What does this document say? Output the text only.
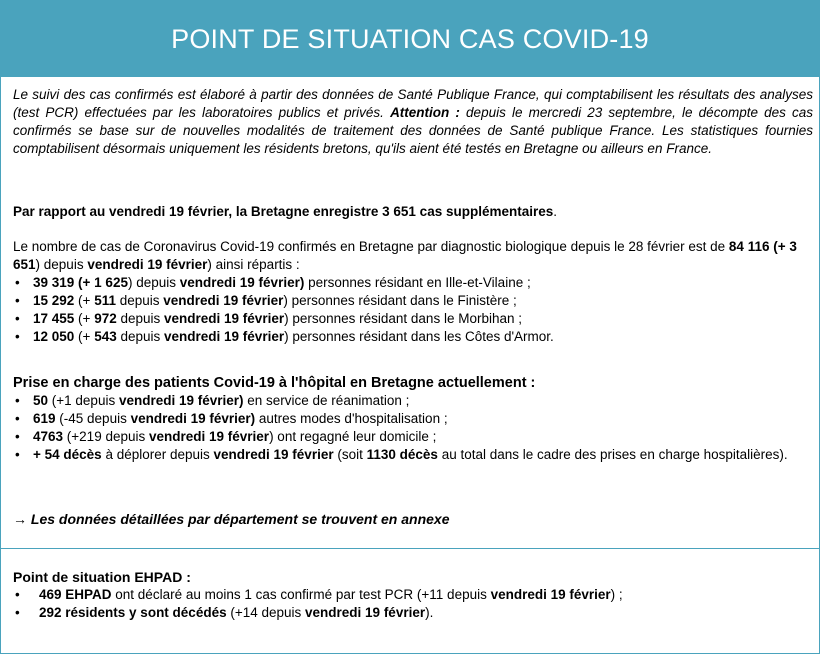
POINT DE SITUATION CAS COVID-19
Le suivi des cas confirmés est élaboré à partir des données de Santé Publique France, qui comptabilisent les résultats des analyses (test PCR) effectuées par les laboratoires publics et privés. Attention : depuis le mercredi 23 septembre, le décompte des cas confirmés se base sur de nouvelles modalités de traitement des données de Santé publique France. Les statistiques fournies comptabilisent désormais uniquement les résidents bretons, qu'ils aient été testés en Bretagne ou ailleurs en France.

Par rapport au vendredi 19 février, la Bretagne enregistre 3 651 cas supplémentaires.

Le nombre de cas de Coronavirus Covid-19 confirmés en Bretagne par diagnostic biologique depuis le 28 février est de 84 116 (+ 3 651) depuis vendredi 19 février) ainsi répartis :

• 39 319 (+ 1 625) depuis vendredi 19 février) personnes résidant en Ille-et-Vilaine ;
• 15 292 (+ 511 depuis vendredi 19 février) personnes résidant dans le Finistère ;
• 17 455 (+ 972 depuis vendredi 19 février) personnes résidant dans le Morbihan ;
• 12 050 (+ 543 depuis vendredi 19 février) personnes résidant dans les Côtes d'Armor.

Prise en charge des patients Covid-19 à l'hôpital en Bretagne actuellement :

• 50 (+1 depuis vendredi 19 février) en service de réanimation ;
• 619 (-45 depuis vendredi 19 février) autres modes d'hospitalisation ;
• 4763 (+219 depuis vendredi 19 février) ont regagné leur domicile ;
• + 54 décès à déplorer depuis vendredi 19 février (soit 1130 décès au total dans le cadre des prises en charge hospitalières).
→ Les données détaillées par département se trouvent en annexe

Point de situation EHPAD :

• 469 EHPAD ont déclaré au moins 1 cas confirmé par test PCR (+11 depuis vendredi 19 février) ;
• 292 résidents y sont décédés (+14 depuis vendredi 19 février).
